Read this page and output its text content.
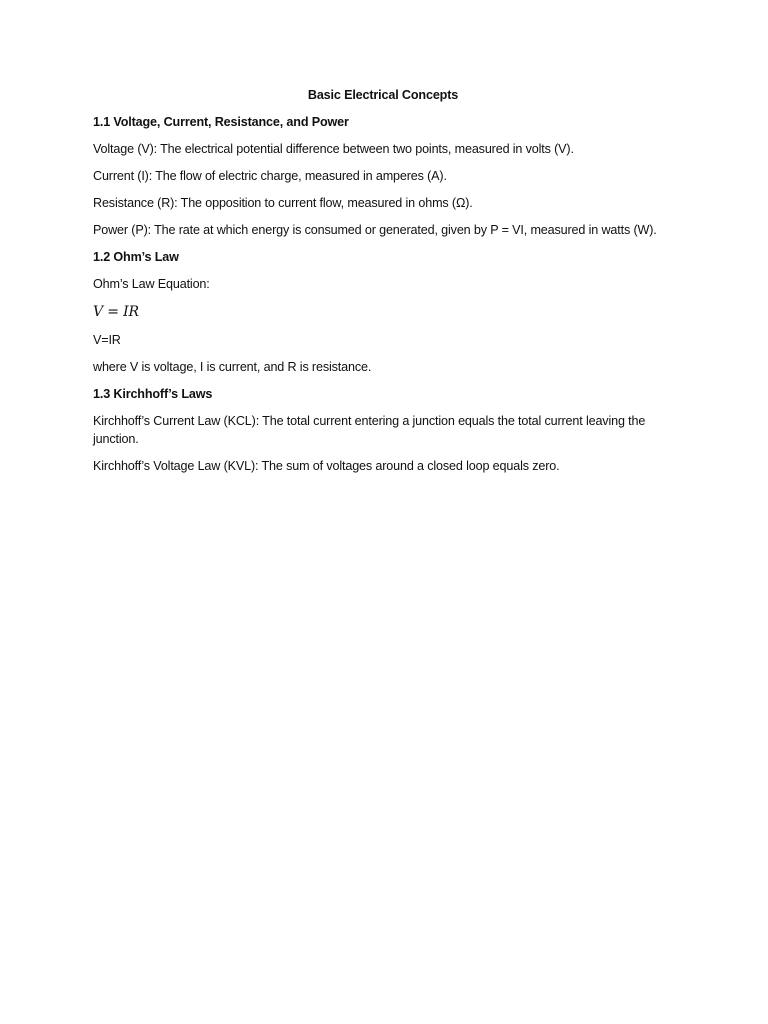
Basic Electrical Concepts
1.1 Voltage, Current, Resistance, and Power
Voltage (V): The electrical potential difference between two points, measured in volts (V).
Current (I): The flow of electric charge, measured in amperes (A).
Resistance (R): The opposition to current flow, measured in ohms (Ω).
Power (P): The rate at which energy is consumed or generated, given by P = VI, measured in watts (W).
1.2 Ohm’s Law
Ohm’s Law Equation:
V = IR
V=IR
where V is voltage, I is current, and R is resistance.
1.3 Kirchhoff’s Laws
Kirchhoff’s Current Law (KCL): The total current entering a junction equals the total current leaving the junction.
Kirchhoff’s Voltage Law (KVL): The sum of voltages around a closed loop equals zero.
